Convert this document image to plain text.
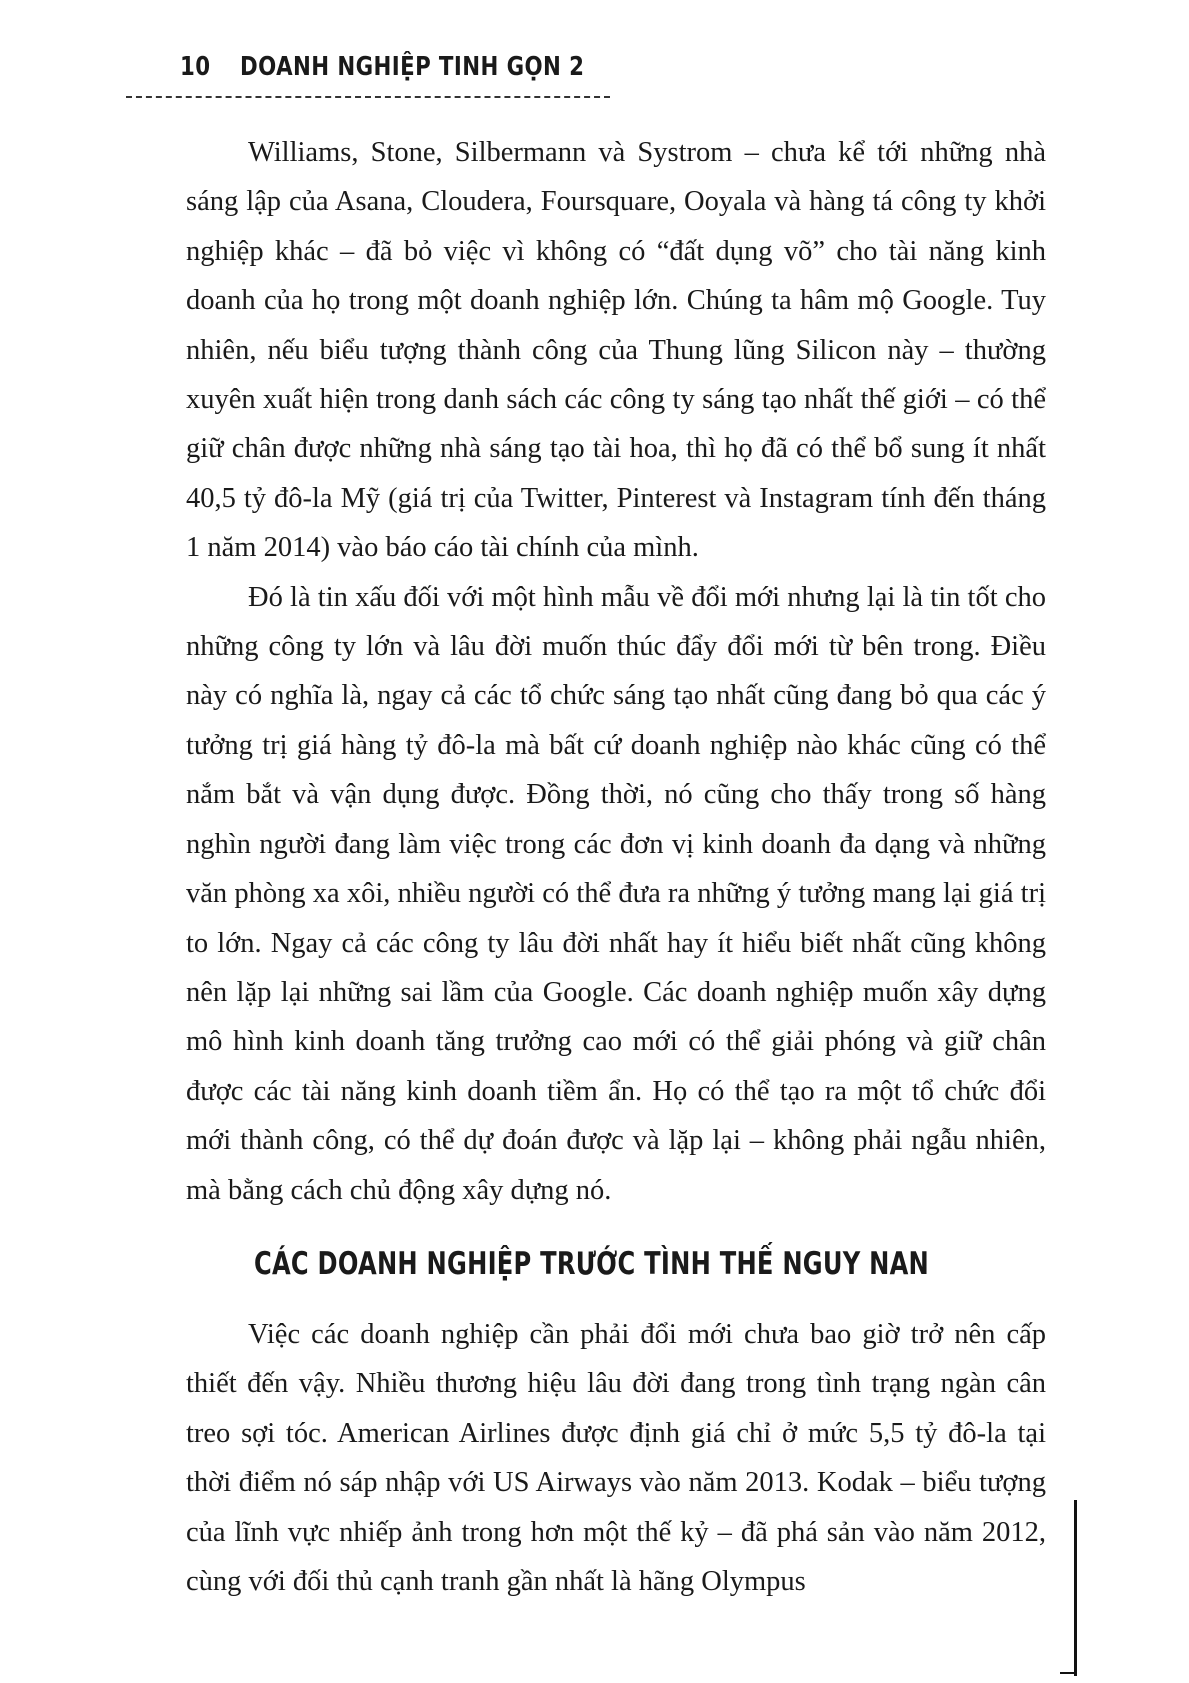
10 DOANH NGHIỆP TINH GỌN 2

Williams, Stone, Silbermann và Systrom – chưa kể tới những nhà sáng lập của Asana, Cloudera, Foursquare, Ooyala và hàng tá công ty khởi nghiệp khác – đã bỏ việc vì không có “đất dụng võ” cho tài năng kinh doanh của họ trong một doanh nghiệp lớn. Chúng ta hâm mộ Google. Tuy nhiên, nếu biểu tượng thành công của Thung lũng Silicon này – thường xuyên xuất hiện trong danh sách các công ty sáng tạo nhất thế giới – có thể giữ chân được những nhà sáng tạo tài hoa, thì họ đã có thể bổ sung ít nhất 40,5 tỷ đô-la Mỹ (giá trị của Twitter, Pinterest và Instagram tính đến tháng 1 năm 2014) vào báo cáo tài chính của mình.

Đó là tin xấu đối với một hình mẫu về đổi mới nhưng lại là tin tốt cho những công ty lớn và lâu đời muốn thúc đẩy đổi mới từ bên trong. Điều này có nghĩa là, ngay cả các tổ chức sáng tạo nhất cũng đang bỏ qua các ý tưởng trị giá hàng tỷ đô-la mà bất cứ doanh nghiệp nào khác cũng có thể nắm bắt và vận dụng được. Đồng thời, nó cũng cho thấy trong số hàng nghìn người đang làm việc trong các đơn vị kinh doanh đa dạng và những văn phòng xa xôi, nhiều người có thể đưa ra những ý tưởng mang lại giá trị to lớn. Ngay cả các công ty lâu đời nhất hay ít hiểu biết nhất cũng không nên lặp lại những sai lầm của Google. Các doanh nghiệp muốn xây dựng mô hình kinh doanh tăng trưởng cao mới có thể giải phóng và giữ chân được các tài năng kinh doanh tiềm ẩn. Họ có thể tạo ra một tổ chức đổi mới thành công, có thể dự đoán được và lặp lại – không phải ngẫu nhiên, mà bằng cách chủ động xây dựng nó.

CÁC DOANH NGHIỆP TRƯỚC TÌNH THẾ NGUY NAN

Việc các doanh nghiệp cần phải đổi mới chưa bao giờ trở nên cấp thiết đến vậy. Nhiều thương hiệu lâu đời đang trong tình trạng ngàn cân treo sợi tóc. American Airlines được định giá chỉ ở mức 5,5 tỷ đô-la tại thời điểm nó sáp nhập với US Airways vào năm 2013. Kodak – biểu tượng của lĩnh vực nhiếp ảnh trong hơn một thế kỷ – đã phá sản vào năm 2012, cùng với đối thủ cạnh tranh gần nhất là hãng Olympus
